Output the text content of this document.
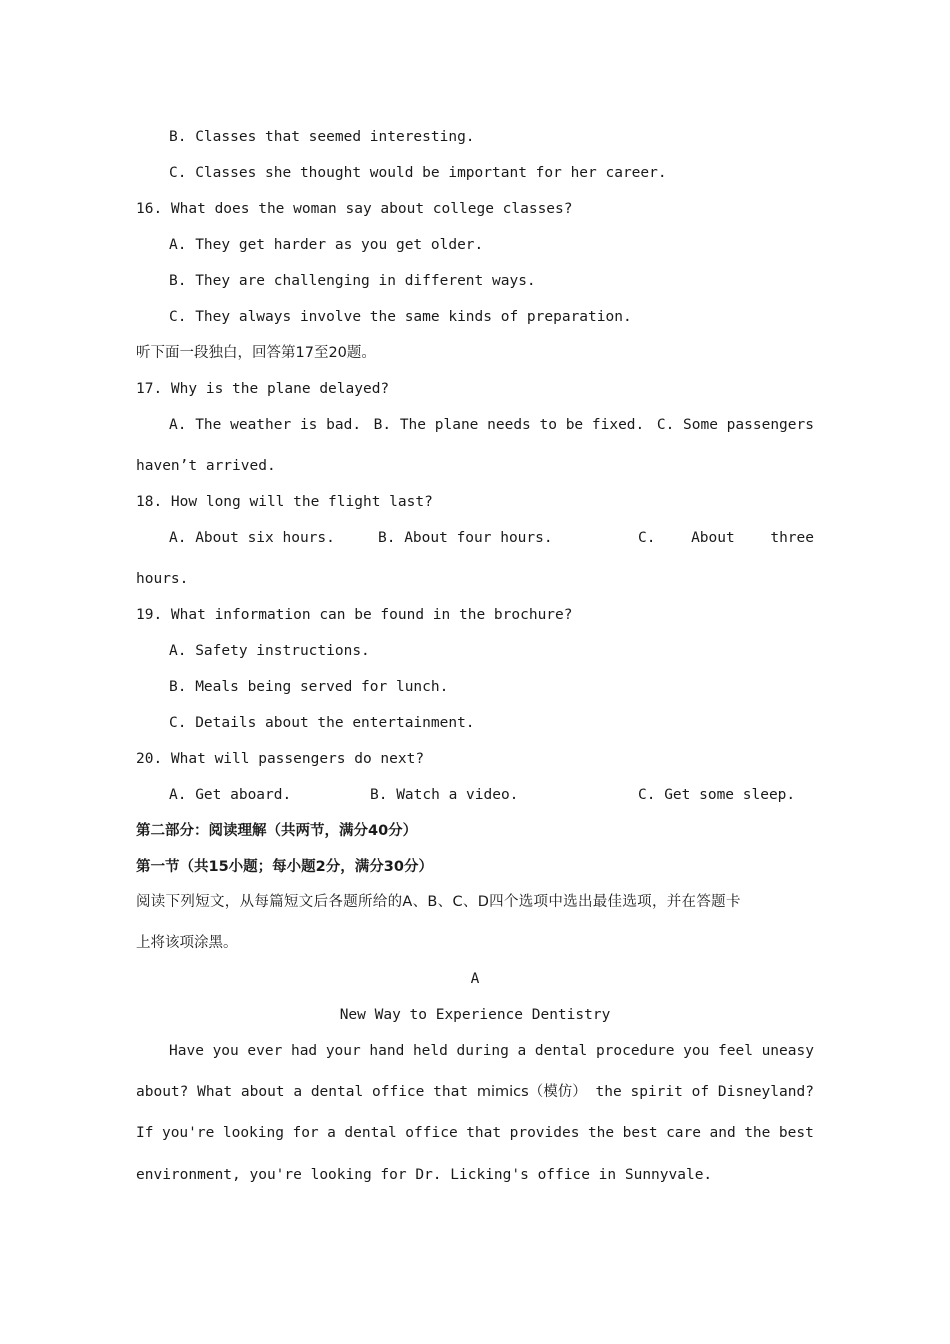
B. Classes that seemed interesting.
C. Classes she thought would be important for her career.
16. What does the woman say about college classes?
A. They get harder as you get older.
B. They are challenging in different ways.
C. They always involve the same kinds of preparation.
听下面一段独白，回答第17至20题。
17. Why is the plane delayed?
A. The weather is bad. B. The plane needs to be fixed. C. Some passengers
haven’t arrived.
18. How long will the flight last?
A. About six hours.	B. About four hours.	C. About three
hours.
19. What information can be found in the brochure?
A. Safety instructions.
B. Meals being served for lunch.
C. Details about the entertainment.
20. What will passengers do next?
A. Get aboard.	B. Watch a video.	C. Get some sleep.
第二部分：阅读理解（共两节，满分40分）
第一节（共15小题；每小题2分，满分30分）
阅读下列短文，从每篇短文后各题所给的A、B、C、D四个选项中选出最佳选项，并在答题卡
上将该项涂黑。
A
New Way to Experience Dentistry
Have you ever had your hand held during a dental procedure you feel uneasy
about? What about a dental office that mimics（模仿） the spirit of Disneyland?
If you're looking for a dental office that provides the best care and the best
environment, you're looking for Dr. Licking's office in Sunnyvale.
